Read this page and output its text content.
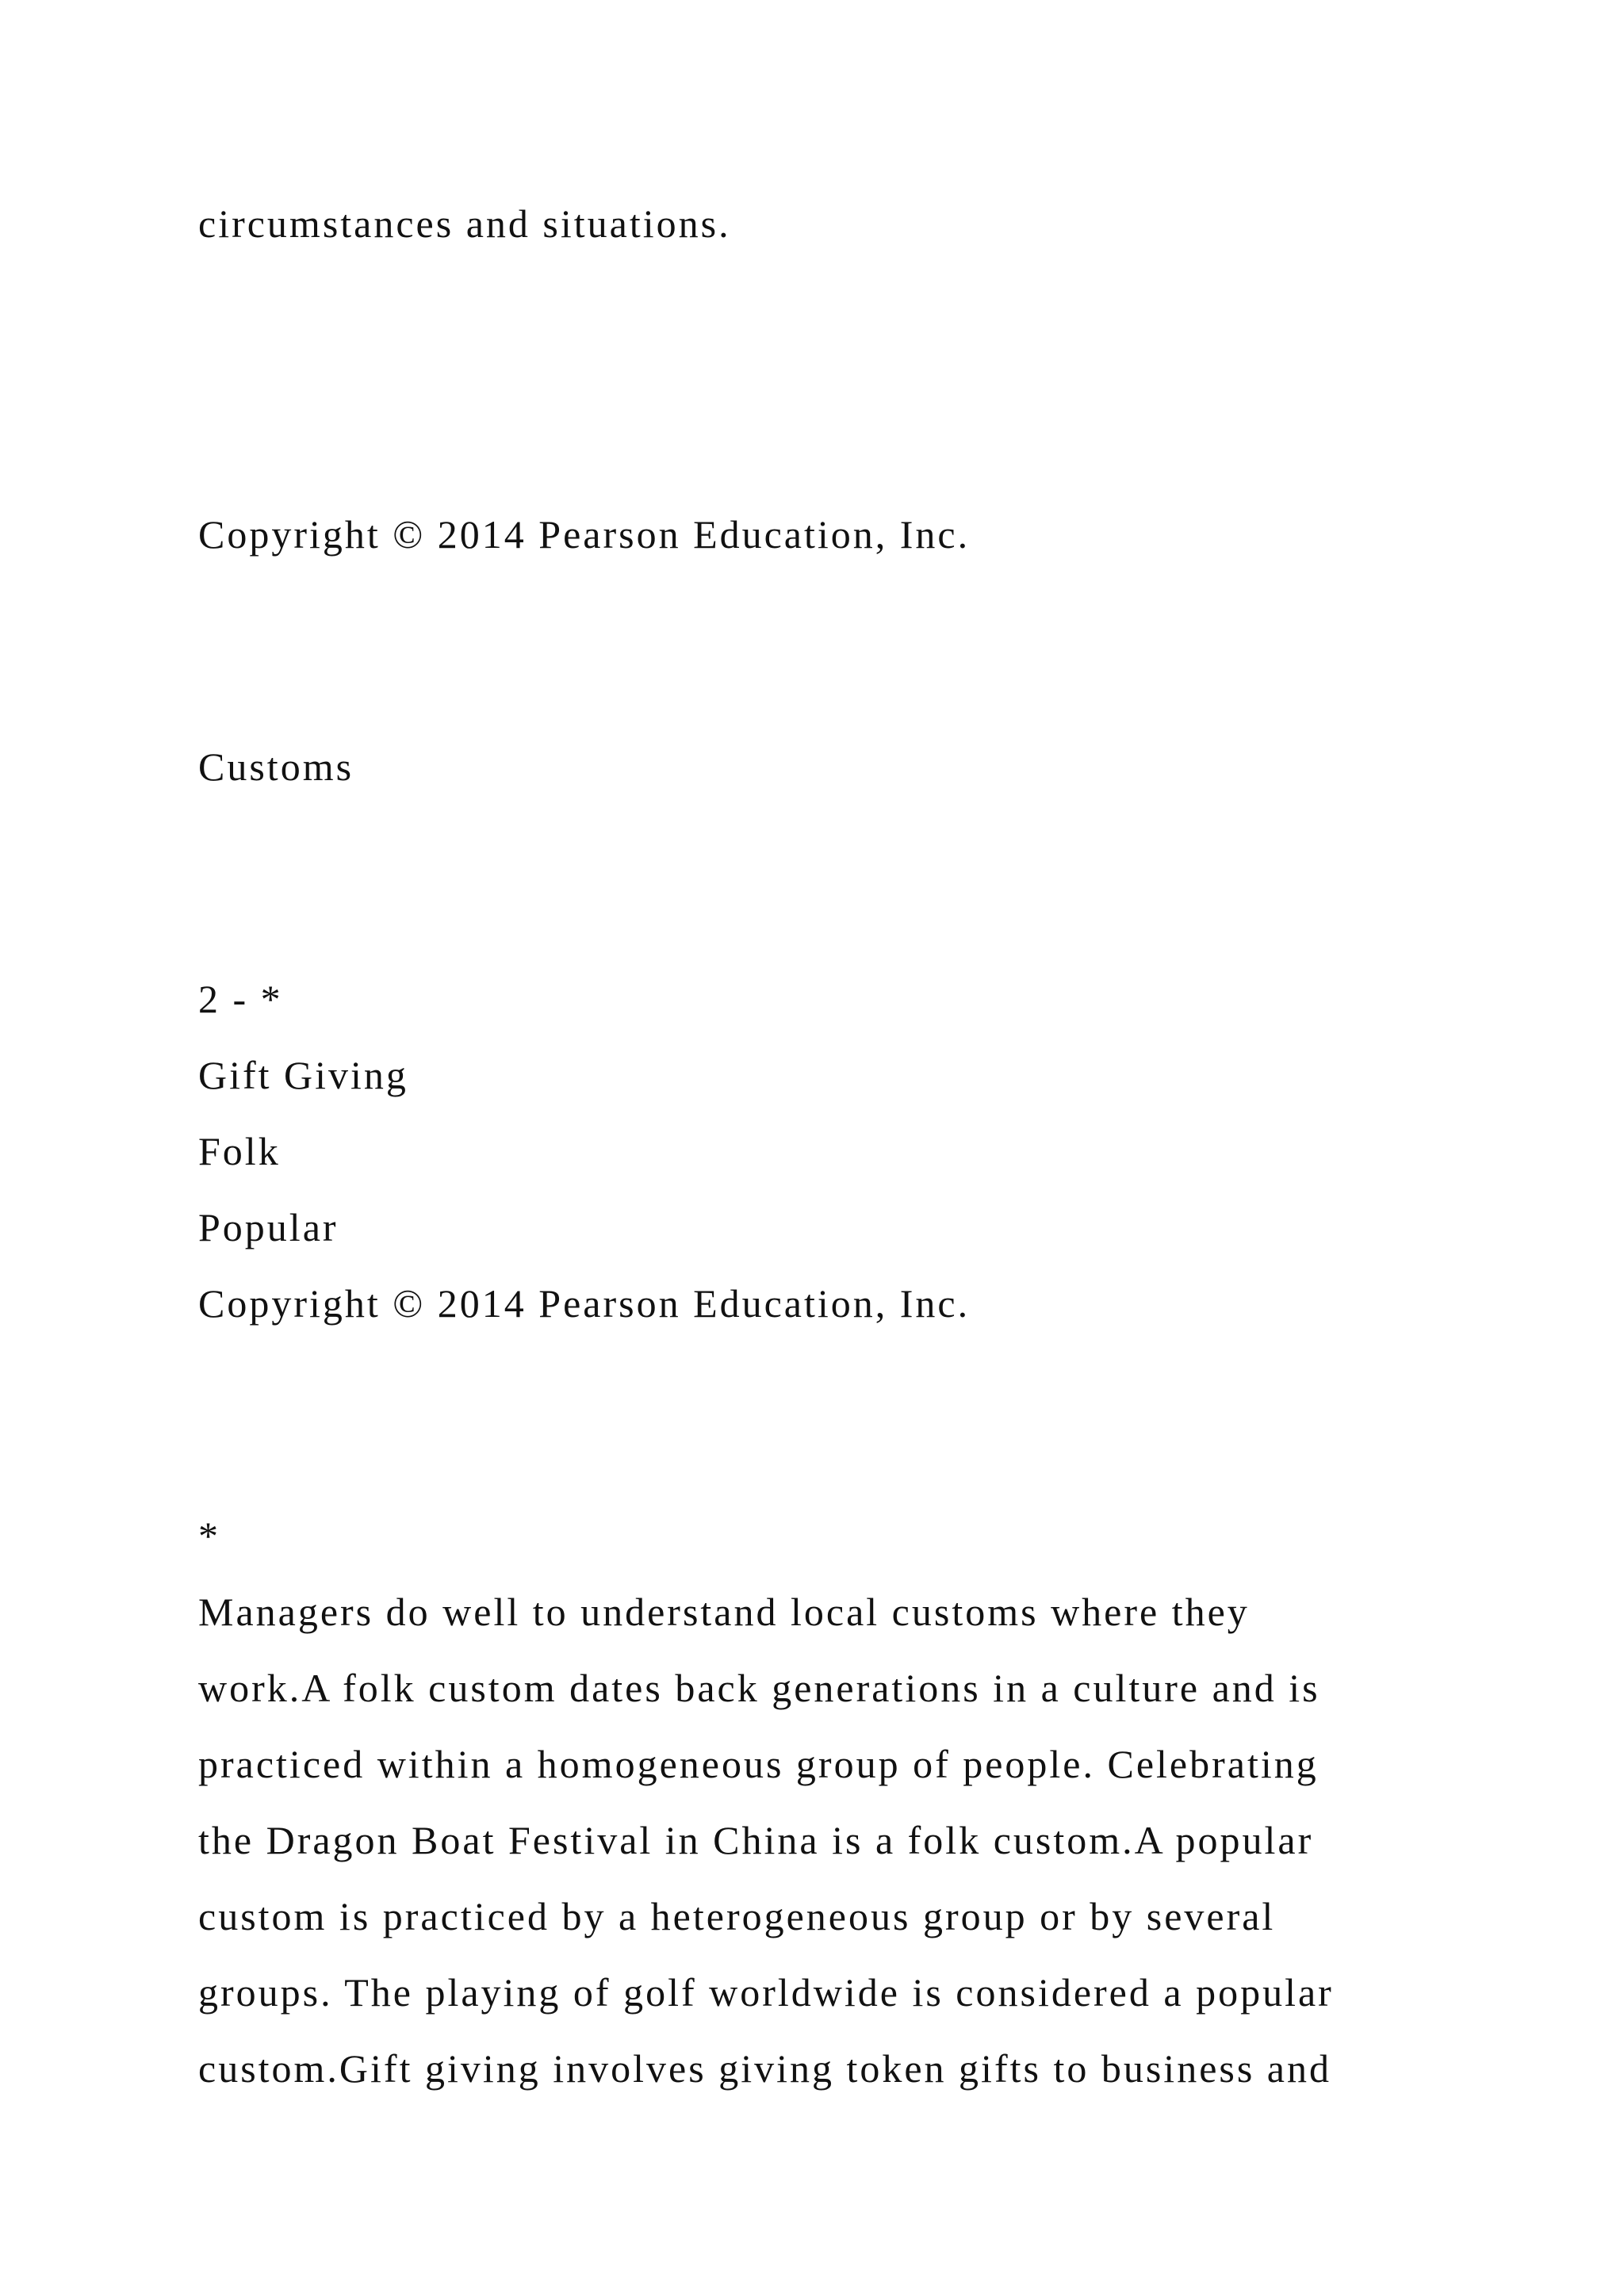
circumstances and situations.

Copyright © 2014 Pearson Education, Inc.

Customs

2 - *

Gift Giving

Folk

Popular

Copyright © 2014 Pearson Education, Inc.

*

Managers do well to understand local customs where they

work.A folk custom dates back generations in a culture and is

practiced within a homogeneous group of people. Celebrating

the Dragon Boat Festival in China is a folk custom.A popular

custom is practiced by a heterogeneous group or by several

groups. The playing of golf worldwide is considered a popular

custom.Gift giving involves giving token gifts to business and
